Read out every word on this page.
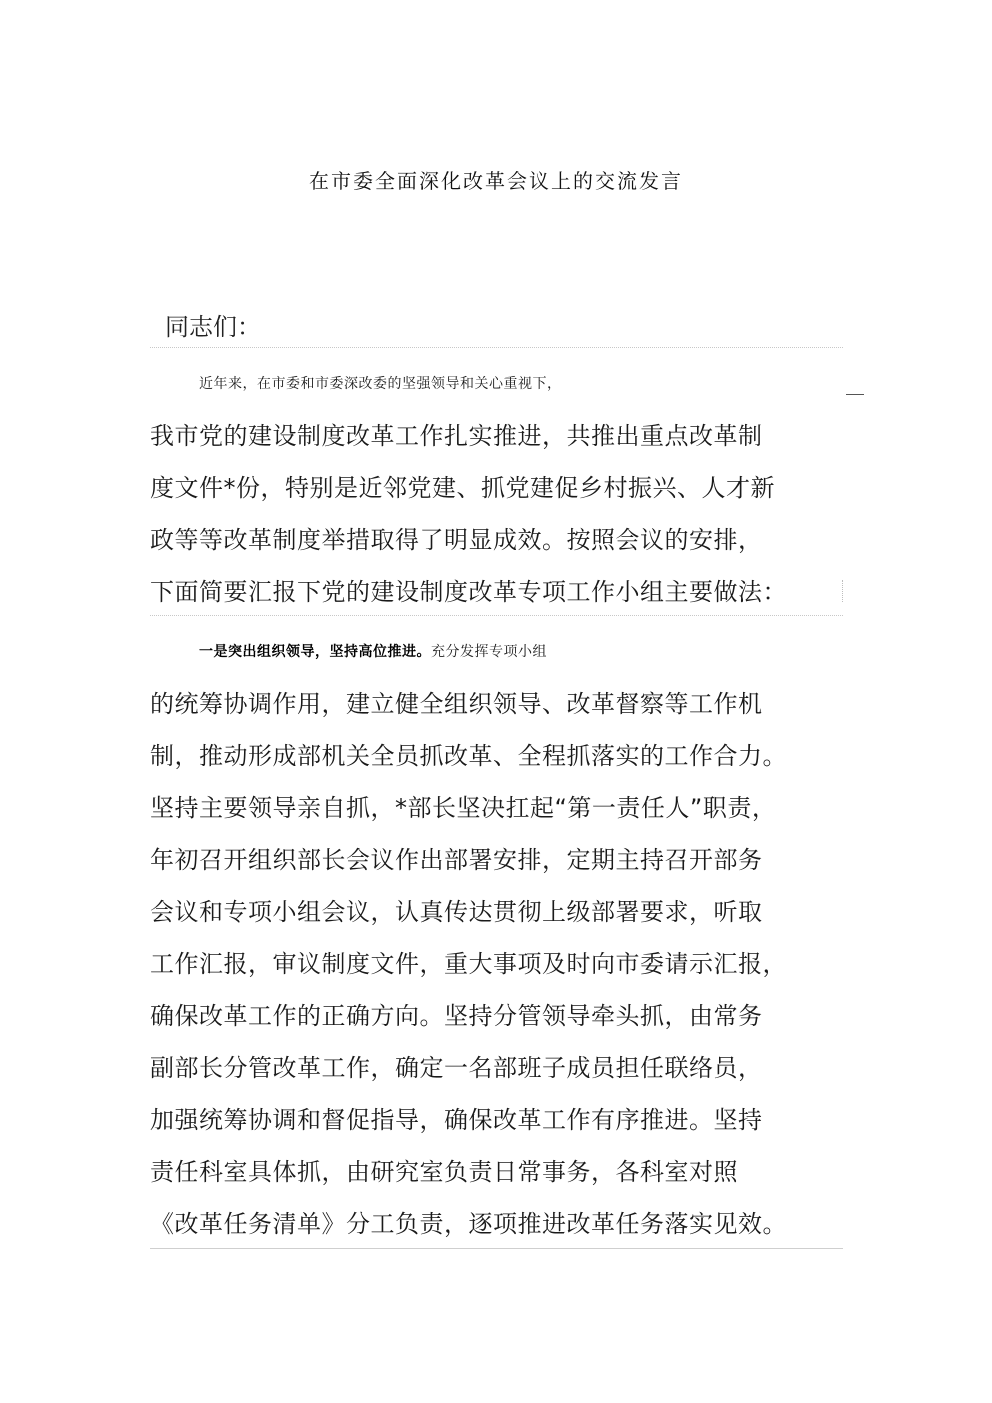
在市委全面深化改革会议上的交流发言
同志们：
近年来，在市委和市委深改委的坚强领导和关心重视下，
我市党的建设制度改革工作扎实推进，共推出重点改革制
度文件*份，特别是近邻党建、抓党建促乡村振兴、人才新
政等等改革制度举措取得了明显成效。按照会议的安排，
下面简要汇报下党的建设制度改革专项工作小组主要做法：
一是突出组织领导，坚持高位推进。充分发挥专项小组
的统筹协调作用，建立健全组织领导、改革督察等工作机
制，推动形成部机关全员抓改革、全程抓落实的工作合力。
坚持主要领导亲自抓，*部长坚决扛起“第一责任人”职责，
年初召开组织部长会议作出部署安排，定期主持召开部务
会议和专项小组会议，认真传达贯彻上级部署要求，听取
工作汇报，审议制度文件，重大事项及时向市委请示汇报，
确保改革工作的正确方向。坚持分管领导牵头抓，由常务
副部长分管改革工作，确定一名部班子成员担任联络员，
加强统筹协调和督促指导，确保改革工作有序推进。坚持
责任科室具体抓，由研究室负责日常事务，各科室对照
《改革任务清单》分工负责，逐项推进改革任务落实见效。
